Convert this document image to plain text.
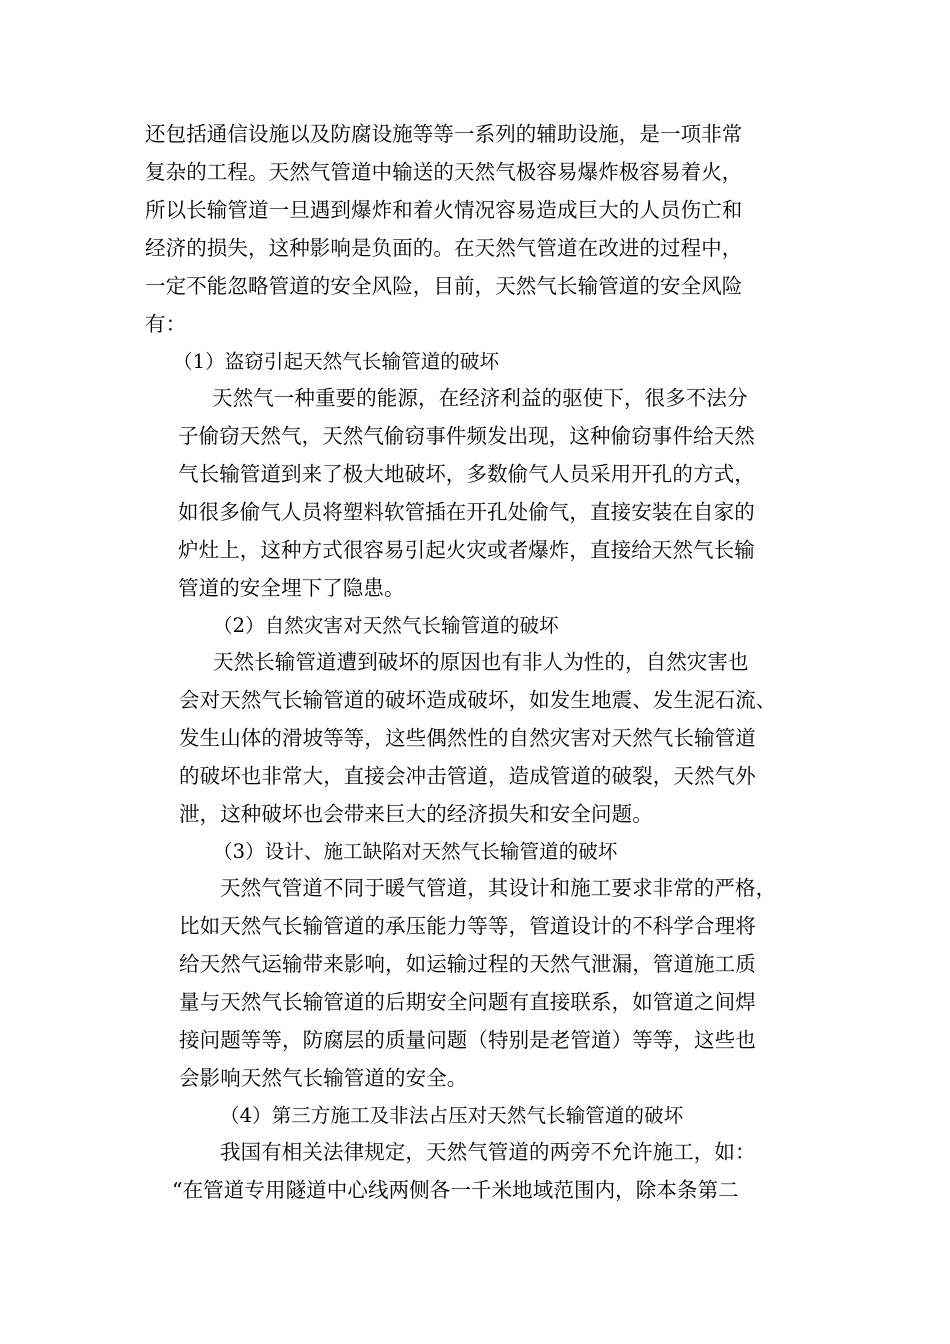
还包括通信设施以及防腐设施等等一系列的辅助设施，是一项非常
复杂的工程。天然气管道中输送的天然气极容易爆炸极容易着火，
所以长输管道一旦遇到爆炸和着火情况容易造成巨大的人员伤亡和
经济的损失，这种影响是负面的。在天然气管道在改进的过程中，
一定不能忽略管道的安全风险，目前，天然气长输管道的安全风险
有：
（1）盗窃引起天然气长输管道的破坏
天然气一种重要的能源，在经济利益的驱使下，很多不法分
子偷窃天然气，天然气偷窃事件频发出现，这种偷窃事件给天然
气长输管道到来了极大地破坏，多数偷气人员采用开孔的方式，
如很多偷气人员将塑料软管插在开孔处偷气，直接安装在自家的
炉灶上，这种方式很容易引起火灾或者爆炸，直接给天然气长输
管道的安全埋下了隐患。
（2）自然灾害对天然气长输管道的破坏
天然长输管道遭到破坏的原因也有非人为性的，自然灾害也
会对天然气长输管道的破坏造成破坏，如发生地震、发生泥石流、
发生山体的滑坡等等，这些偶然性的自然灾害对天然气长输管道
的破坏也非常大，直接会冲击管道，造成管道的破裂，天然气外
泄，这种破坏也会带来巨大的经济损失和安全问题。
（3）设计、施工缺陷对天然气长输管道的破坏
天然气管道不同于暖气管道，其设计和施工要求非常的严格，
比如天然气长输管道的承压能力等等，管道设计的不科学合理将
给天然气运输带来影响，如运输过程的天然气泄漏，管道施工质
量与天然气长输管道的后期安全问题有直接联系，如管道之间焊
接问题等等，防腐层的质量问题（特别是老管道）等等，这些也
会影响天然气长输管道的安全。
（4）第三方施工及非法占压对天然气长输管道的破坏
我国有相关法律规定，天然气管道的两旁不允许施工，如：
“在管道专用隧道中心线两侧各一千米地域范围内，除本条第二
